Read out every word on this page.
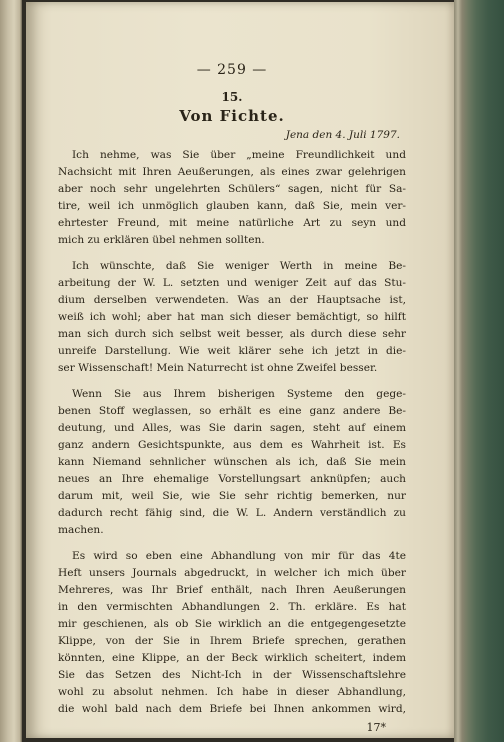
— 259 —
15.
Von Fichte.
Jena den 4. Juli 1797.
Ich nehme, was Sie über „meine Freundlichkeit und
Nachsicht mit Ihren Aeußerungen, als eines zwar gelehrigen
aber noch sehr ungelehrten Schülers“ sagen, nicht für Sa-
tire, weil ich unmöglich glauben kann, daß Sie, mein ver-
ehrtester Freund, mit meine natürliche Art zu seyn und
mich zu erklären übel nehmen sollten.
Ich wünschte, daß Sie weniger Werth in meine Be-
arbeitung der W. L. setzten und weniger Zeit auf das Stu-
dium derselben verwendeten. Was an der Hauptsache ist,
weiß ich wohl; aber hat man sich dieser bemächtigt, so hilft
man sich durch sich selbst weit besser, als durch diese sehr
unreife Darstellung. Wie weit klärer sehe ich jetzt in die-
ser Wissenschaft! Mein Naturrecht ist ohne Zweifel besser.
Wenn Sie aus Ihrem bisherigen Systeme den gege-
benen Stoff weglassen, so erhält es eine ganz andere Be-
deutung, und Alles, was Sie darin sagen, steht auf einem
ganz andern Gesichtspunkte, aus dem es Wahrheit ist. Es
kann Niemand sehnlicher wünschen als ich, daß Sie mein
neues an Ihre ehemalige Vorstellungsart anknüpfen; auch
darum mit, weil Sie, wie Sie sehr richtig bemerken, nur
dadurch recht fähig sind, die W. L. Andern verständlich zu
machen.
Es wird so eben eine Abhandlung von mir für das 4te
Heft unsers Journals abgedruckt, in welcher ich mich über
Mehreres, was Ihr Brief enthält, nach Ihren Aeußerungen
in den vermischten Abhandlungen 2. Th. erkläre. Es hat
mir geschienen, als ob Sie wirklich an die entgegengesetzte
Klippe, von der Sie in Ihrem Briefe sprechen, gerathen
könnten, eine Klippe, an der Beck wirklich scheitert, indem
Sie das Setzen des Nicht-Ich in der Wissenschaftslehre
wohl zu absolut nehmen. Ich habe in dieser Abhandlung,
die wohl bald nach dem Briefe bei Ihnen ankommen wird,
17*
